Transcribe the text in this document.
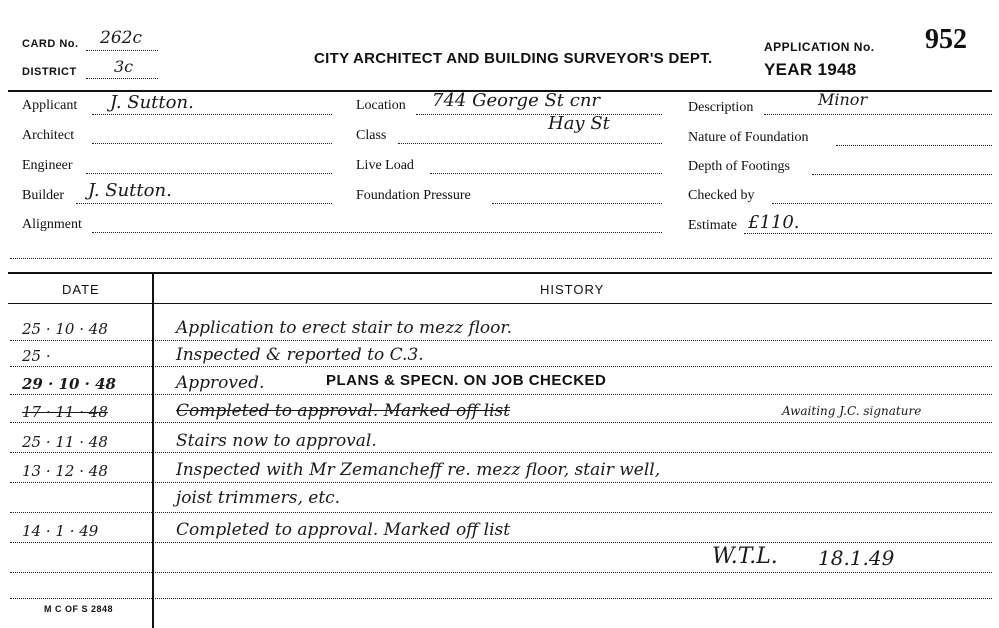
CARD No. 262c
DISTRICT 3c	CITY ARCHITECT AND BUILDING SURVEYOR'S DEPT.
APPLICATION No. 952
YEAR 1948
Applicant J. Sutton.
Architect
Engineer
Builder J. Sutton.
Alignment
Location 744 George St cnr
Hay St
Class
Live Load
Foundation Pressure
Description	Minor
Nature of Foundation
Depth of Footings
Checked by
Estimate £110.
DATE	HISTORY
25 · 10 · 48	Application to erect stair to mezz floor.
25 ·	Inspected & reported to C.3.
29 · 10 · 48	Approved.	PLANS & SPECN. ON JOB CHECKED
17 · 11 · 48	Completed to approval. Marked off list	Awaiting J.C. signature
25 · 11 · 48	Stairs now to approval.
13 · 12 · 48	Inspected with Mr Zemancheff re. mezz floor, stair well,
joist trimmers, etc.
14 · 1 · 49	Completed to approval. Marked off list
W.T.L. 18.1.49
M C OF S 2848
